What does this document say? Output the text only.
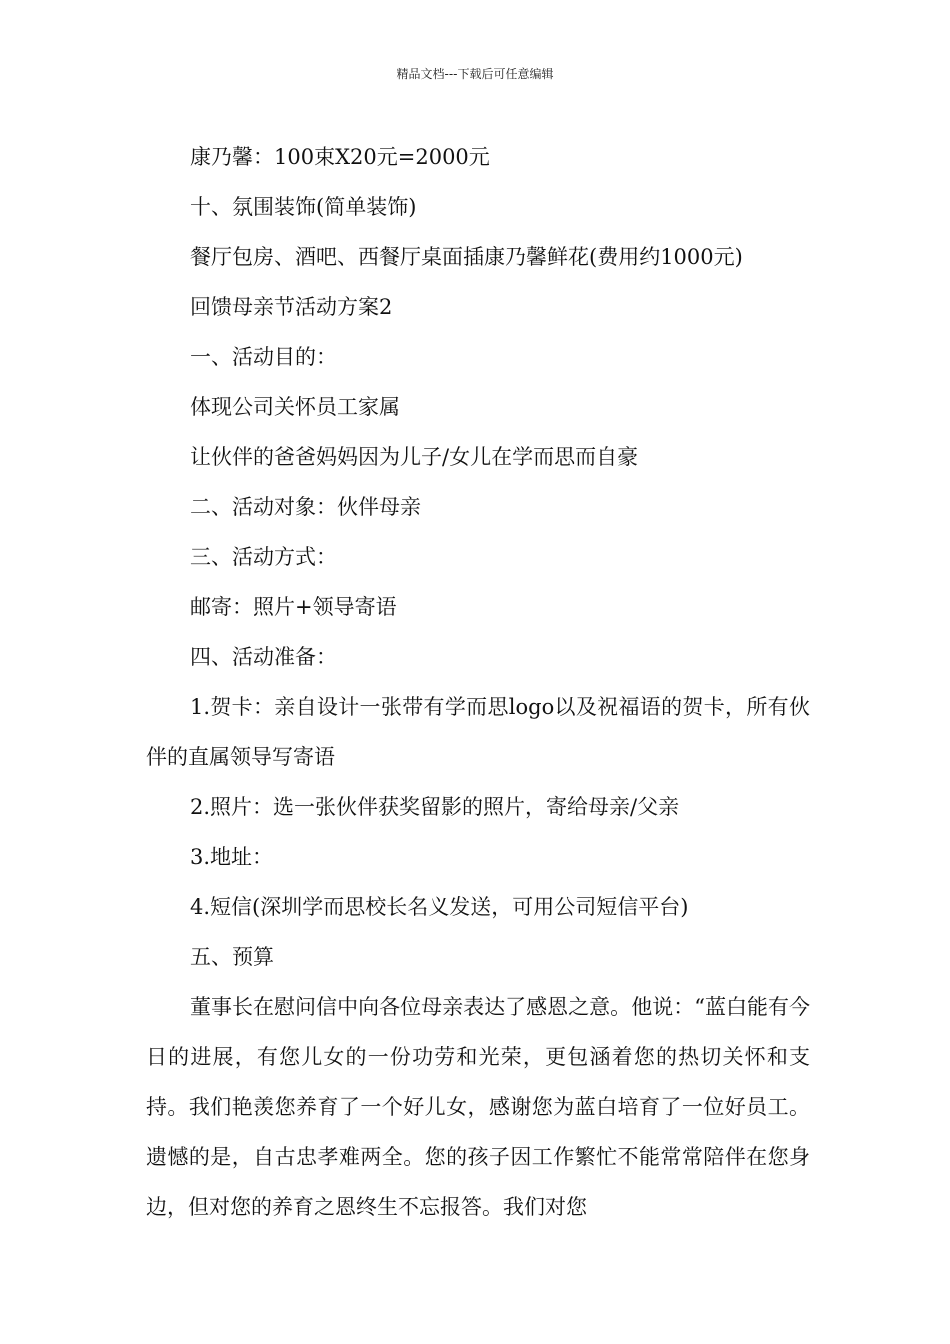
精品文档---下载后可任意编辑
康乃馨：100束X20元=2000元
十、氛围装饰(简单装饰)
餐厅包房、酒吧、西餐厅桌面插康乃馨鲜花(费用约1000元)
回馈母亲节活动方案2
一、活动目的：
体现公司关怀员工家属
让伙伴的爸爸妈妈因为儿子/女儿在学而思而自豪
二、活动对象：伙伴母亲
三、活动方式：
邮寄：照片+领导寄语
四、活动准备：
1.贺卡：亲自设计一张带有学而思logo以及祝福语的贺卡，所有伙伴的直属领导写寄语
2.照片：选一张伙伴获奖留影的照片，寄给母亲/父亲
3.地址：
4.短信(深圳学而思校长名义发送，可用公司短信平台)
五、预算
董事长在慰问信中向各位母亲表达了感恩之意。他说：“蓝白能有今日的进展，有您儿女的一份功劳和光荣，更包涵着您的热切关怀和支持。我们艳羡您养育了一个好儿女，感谢您为蓝白培育了一位好员工。遗憾的是，自古忠孝难两全。您的孩子因工作繁忙不能常常陪伴在您身边，但对您的养育之恩终生不忘报答。我们对您
